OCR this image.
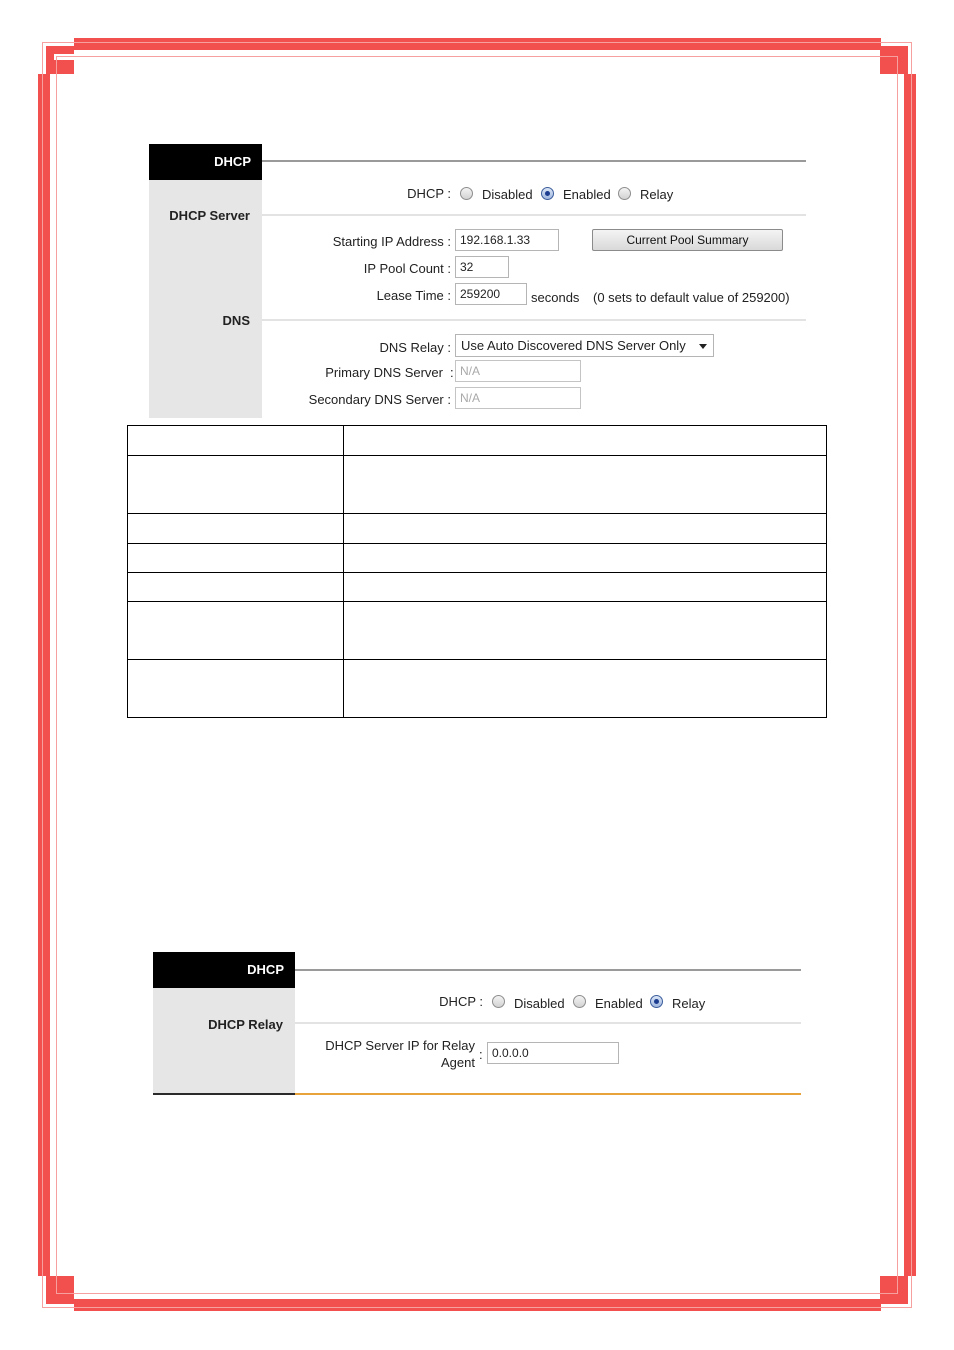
DHCP
DHCP Server
DNS
DHCP : Disabled Enabled Relay
Starting IP Address : 192.168.1.33	Current Pool Summary
IP Pool Count : 32
Lease Time : 259200	seconds (0 sets to default value of 259200)
DNS Relay : Use Auto Discovered DNS Server Only
Primary DNS Server : N/A
Secondary DNS Server : N/A

DHCP
DHCP Relay
DHCP : Disabled Enabled Relay
DHCP Server IP for Relay
Agent
: 0.0.0.0
